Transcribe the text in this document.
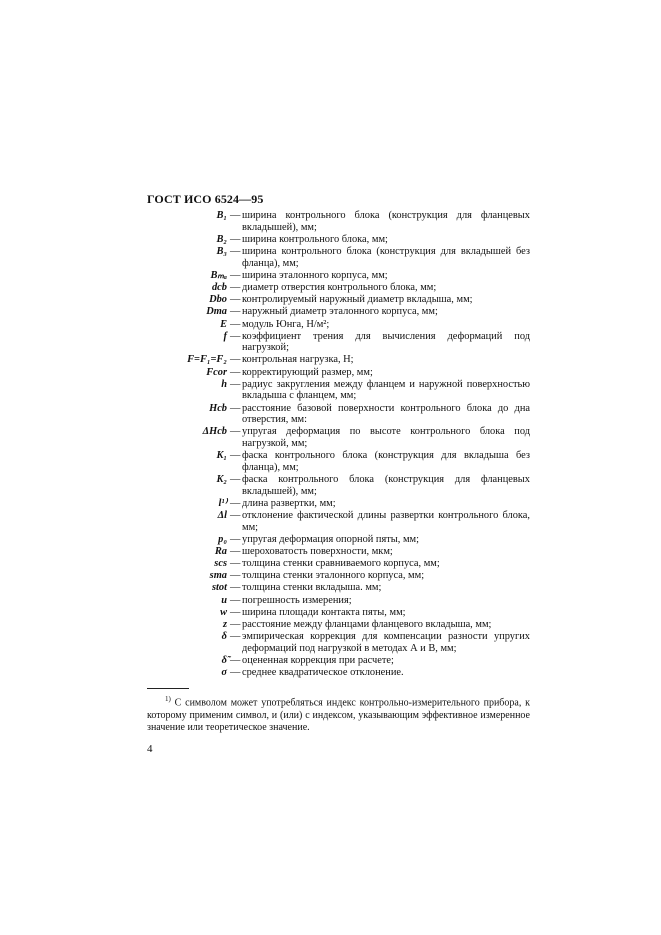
ГОСТ ИСО 6524—95
B₁ — ширина контрольного блока (конструкция для фланцевых вкладышей), мм;
B₂ — ширина контрольного блока, мм;
B₃ — ширина контрольного блока (конструкция для вкладышей без фланца), мм;
Bₘₐ — ширина эталонного корпуса, мм;
dcb — диаметр отверстия контрольного блока, мм;
Dbo — контролируемый наружный диаметр вкладыша, мм;
Dma — наружный диаметр эталонного корпуса, мм;
E — модуль Юнга, Н/м²;
f — коэффициент трения для вычисления деформаций под нагрузкой;
F=F₁=F₂ — контрольная нагрузка, Н;
Fcor — корректирующий размер, мм;
h — радиус закругления между фланцем и наружной поверхностью вкладыша с фланцем, мм;
Hcb — расстояние базовой поверхности контрольного блока до дна отверстия, мм:
ΔHcb — упругая деформация по высоте контрольного блока под нагрузкой, мм;
K₁ — фаска контрольного блока (конструкция для вкладыша без фланца), мм;
K₂ — фаска контрольного блока (конструкция для фланцевых вкладышей), мм;
l¹⁾ — длина развертки, мм;
Δl — отклонение фактической длины развертки контрольного блока, мм;
p₀ — упругая деформация опорной пяты, мм;
Ra — шероховатость поверхности, мкм;
scs — толщина стенки сравниваемого корпуса, мм;
sma — толщина стенки эталонного корпуса, мм;
stot — толщина стенки вкладыша. мм;
u — погрешность измерения;
w — ширина площади контакта пяты, мм;
z — расстояние между фланцами фланцевого вкладыша, мм;
δ — эмпирическая коррекция для компенсации разности упругих деформаций под нагрузкой в методах А и В, мм;
δ̃ — оцененная коррекция при расчете;
σ — среднее квадратическое отклонение.
$^{1)}$ С символом может употребляться индекс контрольно-измерительного прибора, к которому применим символ, и (или) с индексом, указывающим эффективное измеренное значение или теоретическое значение.
4
